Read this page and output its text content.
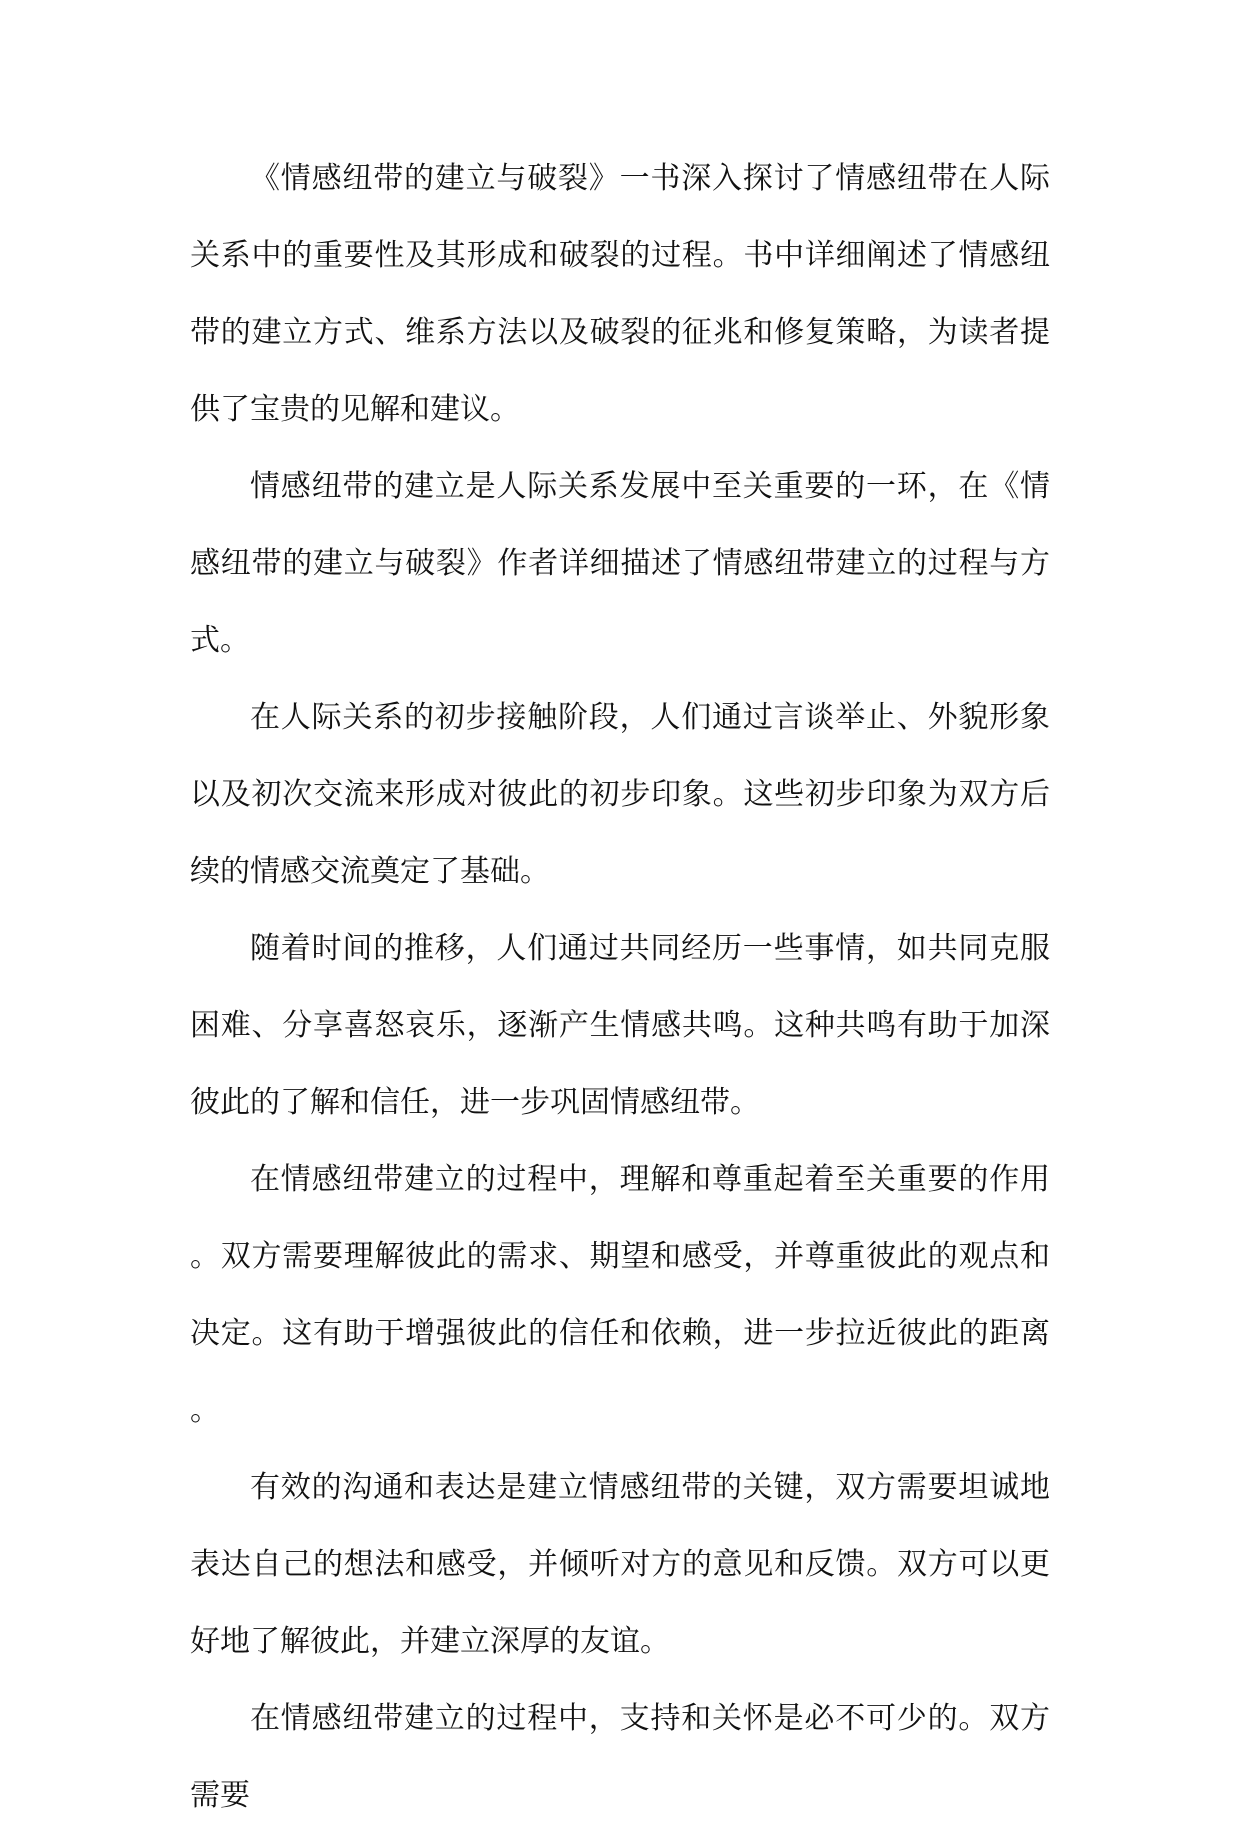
《情感纽带的建立与破裂》一书深入探讨了情感纽带在人际关系中的重要性及其形成和破裂的过程。书中详细阐述了情感纽带的建立方式、维系方法以及破裂的征兆和修复策略，为读者提供了宝贵的见解和建议。

情感纽带的建立是人际关系发展中至关重要的一环，在《情感纽带的建立与破裂》作者详细描述了情感纽带建立的过程与方式。

在人际关系的初步接触阶段，人们通过言谈举止、外貌形象以及初次交流来形成对彼此的初步印象。这些初步印象为双方后续的情感交流奠定了基础。

随着时间的推移，人们通过共同经历一些事情，如共同克服困难、分享喜怒哀乐，逐渐产生情感共鸣。这种共鸣有助于加深彼此的了解和信任，进一步巩固情感纽带。

在情感纽带建立的过程中，理解和尊重起着至关重要的作用。双方需要理解彼此的需求、期望和感受，并尊重彼此的观点和决定。这有助于增强彼此的信任和依赖，进一步拉近彼此的距离。

有效的沟通和表达是建立情感纽带的关键，双方需要坦诚地表达自己的想法和感受，并倾听对方的意见和反馈。双方可以更好地了解彼此，并建立深厚的友谊。

在情感纽带建立的过程中，支持和关怀是必不可少的。双方需要
